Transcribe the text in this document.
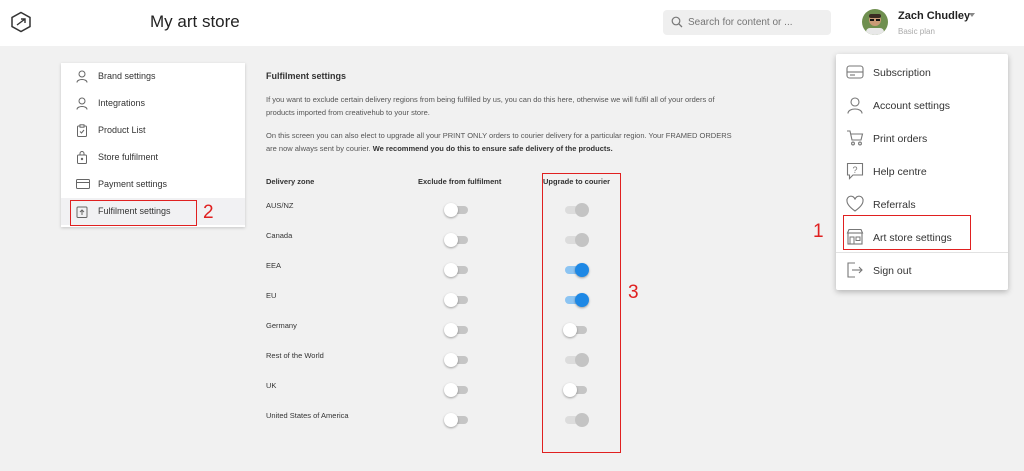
My art store
Search for content or ...	Zach Chudley
Basic plan
Brand settings
Integrations
Product List
Store fulfilment
Payment settings
Fulfilment settings 2
Fulfilment settings
If you want to exclude certain delivery regions from being fulfilled by us, you can do this here, otherwise we will fulfil all of your orders of products imported from creativehub to your store.
On this screen you can also elect to upgrade all your PRINT ONLY orders to courier delivery for a particular region. Your FRAMED ORDERS are now always sent by courier. We recommend you do this to ensure safe delivery of the products.
Delivery zone	Exclude from fulfilment	Upgrade to courier
AUS/NZ
Canada
EEA
EU
Germany
Rest of the World
UK
United States of America
3
Subscription
Account settings
Print orders
? Help centre
Referrals
Art store settings
Sign out
1
